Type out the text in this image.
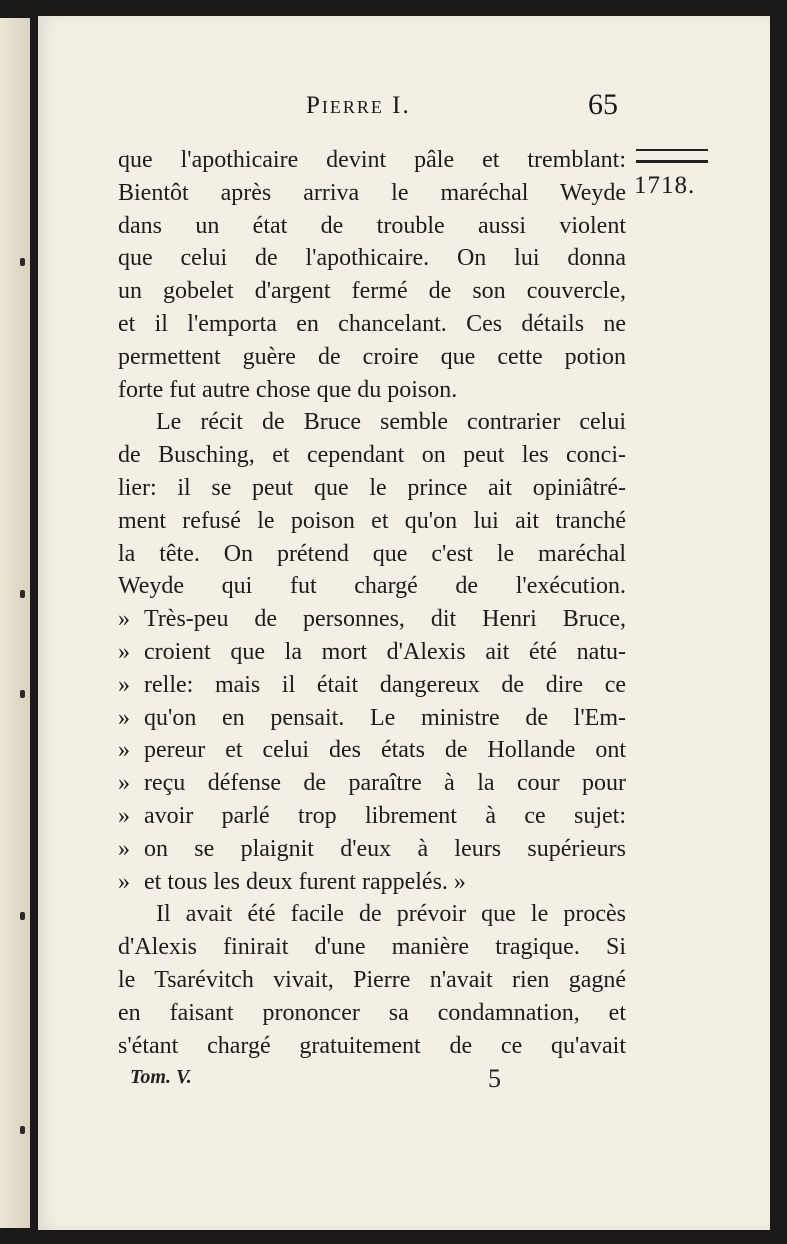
Pierre I.	65
1718.
que l'apothicaire devint pâle et tremblant:
Bientôt après arriva le maréchal Weyde
dans un état de trouble aussi violent
que celui de l'apothicaire. On lui donna
un gobelet d'argent fermé de son couvercle,
et il l'emporta en chancelant. Ces détails ne
permettent guère de croire que cette potion
forte fut autre chose que du poison.
Le récit de Bruce semble contrarier celui
de Busching, et cependant on peut les conci-
lier: il se peut que le prince ait opiniâtré-
ment refusé le poison et qu'on lui ait tranché
la tête. On prétend que c'est le maréchal
Weyde qui fut chargé de l'exécution.
» Très-peu de personnes, dit Henri Bruce,
» croient que la mort d'Alexis ait été natu-
» relle: mais il était dangereux de dire ce
» qu'on en pensait. Le ministre de l'Em-
» pereur et celui des états de Hollande ont
» reçu défense de paraître à la cour pour
» avoir parlé trop librement à ce sujet:
» on se plaignit d'eux à leurs supérieurs
» et tous les deux furent rappelés. »
Il avait été facile de prévoir que le procès
d'Alexis finirait d'une manière tragique. Si
le Tsarévitch vivait, Pierre n'avait rien gagné
en faisant prononcer sa condamnation, et
s'étant chargé gratuitement de ce qu'avait
Tom. V.	5
